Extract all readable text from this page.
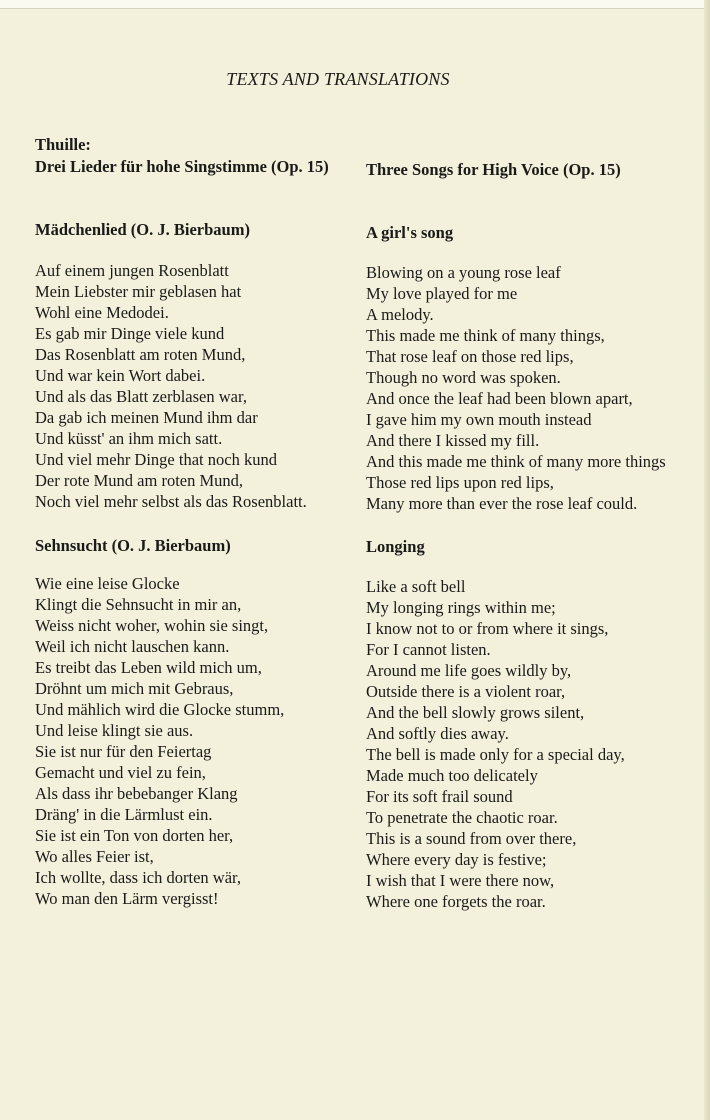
TEXTS AND TRANSLATIONS
Thuille:
Drei Lieder für hohe Singstimme (Op. 15)
Mädchenlied (O. J. Bierbaum)
Auf einem jungen Rosenblatt
Mein Liebster mir geblasen hat
Wohl eine Medodei.
Es gab mir Dinge viele kund
Das Rosenblatt am roten Mund,
Und war kein Wort dabei.
Und als das Blatt zerblasen war,
Da gab ich meinen Mund ihm dar
Und küsst' an ihm mich satt.
Und viel mehr Dinge that noch kund
Der rote Mund am roten Mund,
Noch viel mehr selbst als das Rosenblatt.
Sehnsucht (O. J. Bierbaum)
Wie eine leise Glocke
Klingt die Sehnsucht in mir an,
Weiss nicht woher, wohin sie singt,
Weil ich nicht lauschen kann.
Es treibt das Leben wild mich um,
Dröhnt um mich mit Gebraus,
Und mählich wird die Glocke stumm,
Und leise klingt sie aus.
Sie ist nur für den Feiertag
Gemacht und viel zu fein,
Als dass ihr bebebanger Klang
Dräng' in die Lärmlust ein.
Sie ist ein Ton von dorten her,
Wo alles Feier ist,
Ich wollte, dass ich dorten wär,
Wo man den Lärm vergisst!
Three Songs for High Voice (Op. 15)
A girl's song
Blowing on a young rose leaf
My love played for me
A melody.
This made me think of many things,
That rose leaf on those red lips,
Though no word was spoken.
And once the leaf had been blown apart,
I gave him my own mouth instead
And there I kissed my fill.
And this made me think of many more things
Those red lips upon red lips,
Many more than ever the rose leaf could.
Longing
Like a soft bell
My longing rings within me;
I know not to or from where it sings,
For I cannot listen.
Around me life goes wildly by,
Outside there is a violent roar,
And the bell slowly grows silent,
And softly dies away.
The bell is made only for a special day,
Made much too delicately
For its soft frail sound
To penetrate the chaotic roar.
This is a sound from over there,
Where every day is festive;
I wish that I were there now,
Where one forgets the roar.
